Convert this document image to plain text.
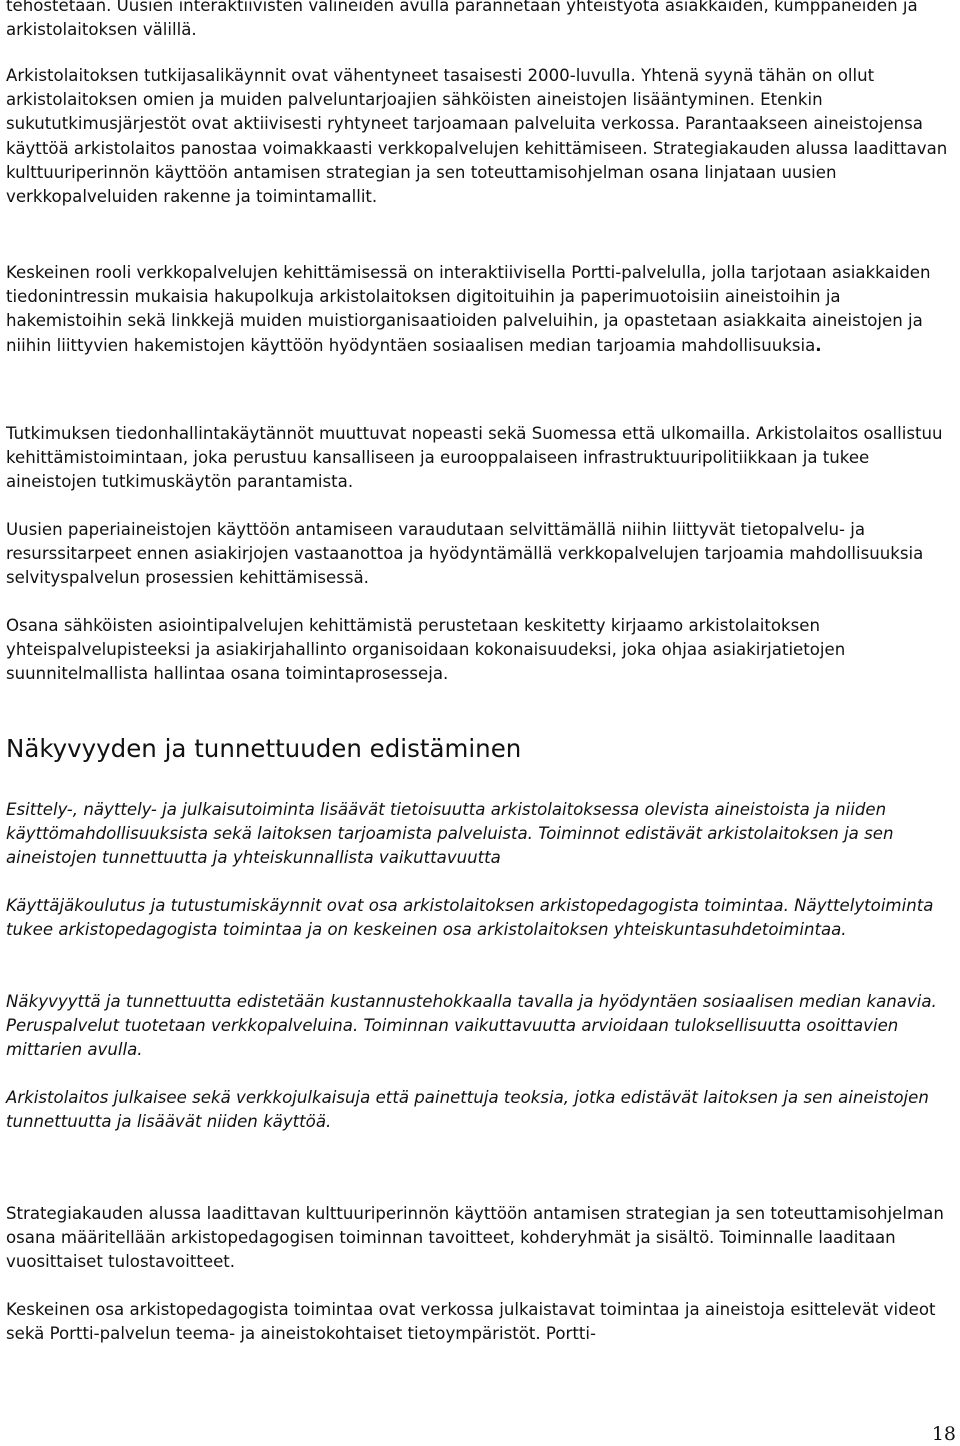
tehostetaan. Uusien interaktiivisten välineiden avulla parannetaan yhteistyötä asiakkaiden, kumppaneiden ja arkistolaitoksen välillä.

Arkistolaitoksen tutkijasalikäynnit ovat vähentyneet tasaisesti 2000-luvulla. Yhtenä syynä tähän on ollut arkistolaitoksen omien ja muiden palveluntarjoajien sähköisten aineistojen lisääntyminen. Etenkin sukututkimusjärjestöt ovat aktiivisesti ryhtyneet tarjoamaan palveluita verkossa. Parantaakseen aineistojensa käyttöä arkistolaitos panostaa voimakkaasti verkkopalvelujen kehittämiseen. Strategiakauden alussa laadittavan kulttuuriperinnön käyttöön antamisen strategian ja sen toteuttamisohjelman osana linjataan uusien verkkopalveluiden rakenne ja toimintamallit.

Keskeinen rooli verkkopalvelujen kehittämisessä on interaktiivisella Portti-palvelulla, jolla tarjotaan asiakkaiden tiedonintressin mukaisia hakupolkuja arkistolaitoksen digitoituihin ja paperimuotoisiin aineistoihin ja hakemistoihin sekä linkkejä muiden muistiorganisaatioiden palveluihin, ja opastetaan asiakkaita aineistojen ja niihin liittyvien hakemistojen käyttöön hyödyntäen sosiaalisen median tarjoamia mahdollisuuksia.

Tutkimuksen tiedonhallintakäytännöt muuttuvat nopeasti sekä Suomessa että ulkomailla. Arkistolaitos osallistuu kehittämistoimintaan, joka perustuu kansalliseen ja eurooppalaiseen infrastruktuuripolitiikkaan ja tukee aineistojen tutkimuskäytön parantamista.

Uusien paperiaineistojen käyttöön antamiseen varaudutaan selvittämällä niihin liittyvät tietopalvelu- ja resurssitarpeet ennen asiakirjojen vastaanottoa ja hyödyntämällä verkkopalvelujen tarjoamia mahdollisuuksia selvityspalvelun prosessien kehittämisessä.

Osana sähköisten asiointipalvelujen kehittämistä perustetaan keskitetty kirjaamo arkistolaitoksen yhteispalvelupisteeksi ja asiakirjahallinto organisoidaan kokonaisuudeksi, joka ohjaa asiakirjatietojen suunnitelmallista hallintaa osana toimintaprosesseja.

Näkyvyyden ja tunnettuuden edistäminen

Esittely-, näyttely- ja julkaisutoiminta lisäävät tietoisuutta arkistolaitoksessa olevista aineistoista ja niiden käyttömahdollisuuksista sekä laitoksen tarjoamista palveluista. Toiminnot edistävät arkistolaitoksen ja sen aineistojen tunnettuutta ja yhteiskunnallista vaikuttavuutta

Käyttäjäkoulutus ja tutustumiskäynnit ovat osa arkistolaitoksen arkistopedagogista toimintaa. Näyttelytoiminta tukee arkistopedagogista toimintaa ja on keskeinen osa arkistolaitoksen yhteiskuntasuhdetoimintaa.

Näkyvyyttä ja tunnettuutta edistetään kustannustehokkaalla tavalla ja hyödyntäen sosiaalisen median kanavia. Peruspalvelut tuotetaan verkkopalveluina. Toiminnan vaikuttavuutta arvioidaan tuloksellisuutta osoittavien mittarien avulla.

Arkistolaitos julkaisee sekä verkkojulkaisuja että painettuja teoksia, jotka edistävät laitoksen ja sen aineistojen tunnettuutta ja lisäävät niiden käyttöä.

Strategiakauden alussa laadittavan kulttuuriperinnön käyttöön antamisen strategian ja sen toteuttamisohjelman osana määritellään arkistopedagogisen toiminnan tavoitteet, kohderyhmät ja sisältö. Toiminnalle laaditaan vuosittaiset tulostavoitteet.

Keskeinen osa arkistopedagogista toimintaa ovat verkossa julkaistavat toimintaa ja aineistoja esittelevät videot sekä Portti-palvelun teema- ja aineistokohtaiset tietoympäristöt. Portti-

18
